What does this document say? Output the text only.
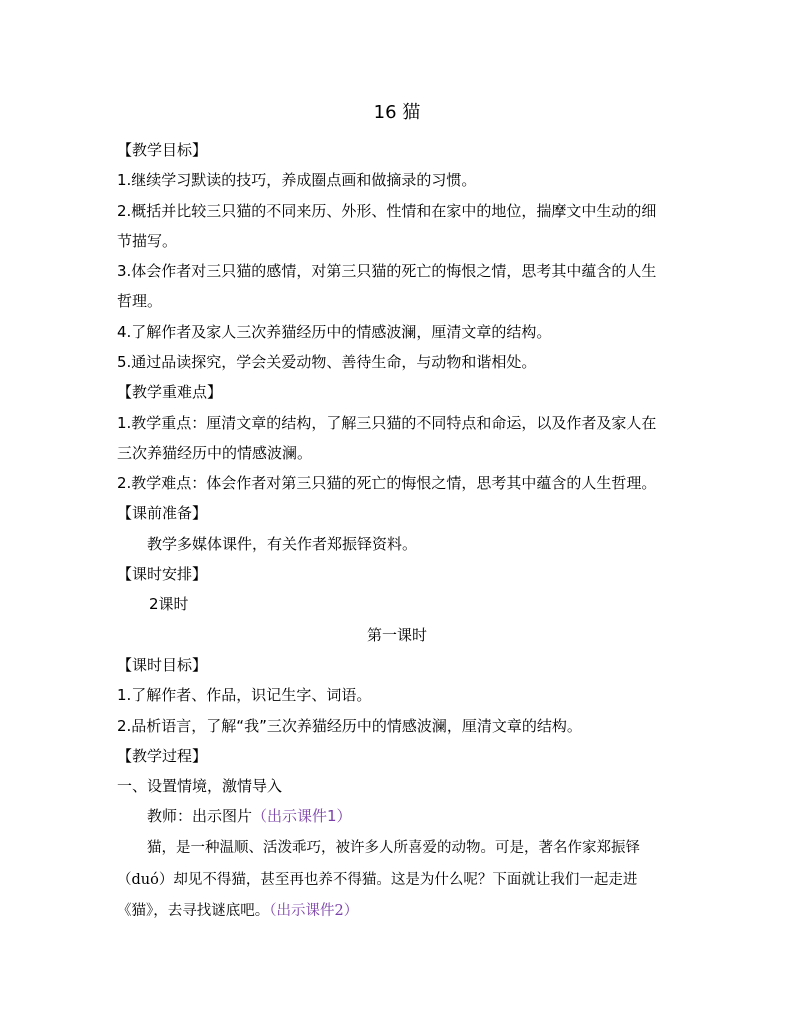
16 猫
【教学目标】
1.继续学习默读的技巧，养成圈点画和做摘录的习惯。
2.概括并比较三只猫的不同来历、外形、性情和在家中的地位，揣摩文中生动的细
节描写。
3.体会作者对三只猫的感情，对第三只猫的死亡的悔恨之情，思考其中蕴含的人生
哲理。
4.了解作者及家人三次养猫经历中的情感波澜，厘清文章的结构。
5.通过品读探究，学会关爱动物、善待生命，与动物和谐相处。
【教学重难点】
1.教学重点：厘清文章的结构，了解三只猫的不同特点和命运，以及作者及家人在
三次养猫经历中的情感波澜。
2.教学难点：体会作者对第三只猫的死亡的悔恨之情，思考其中蕴含的人生哲理。
【课前准备】
教学多媒体课件，有关作者郑振铎资料。
【课时安排】
2课时
第一课时
【课时目标】
1.了解作者、作品，识记生字、词语。
2.品析语言，了解“我”三次养猫经历中的情感波澜，厘清文章的结构。
【教学过程】
一、设置情境，激情导入
教师：出示图片（出示课件1）
猫，是一种温顺、活泼乖巧，被许多人所喜爱的动物。可是，著名作家郑振铎
（duó）却见不得猫，甚至再也养不得猫。这是为什么呢？下面就让我们一起走进
《猫》，去寻找谜底吧。（出示课件2）
